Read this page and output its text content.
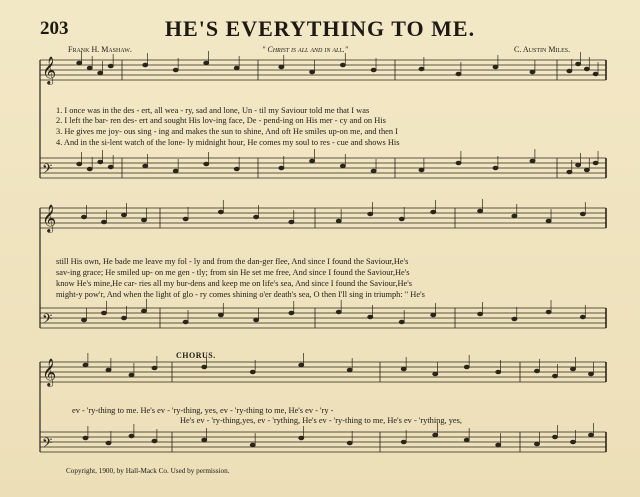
𝄞
𝄢
𝄞
𝄢
𝄞
𝄢
203	HE'S EVERYTHING TO ME.
Frank H. Mashaw.	" Christ is all and in all."	C. Austin Miles.
1. I once was in the des - ert, all wea - ry, sad and lone, Un - til my Saviour told me that I was
2. I left the bar- ren des- ert and sought His lov-ing face, De - pend-ing on His mer - cy and on His
3. He gives me joy- ous sing - ing and makes the sun to shine, And oft He smiles up-on me, and then I
4. And in the si-lent watch of the lone- ly midnight hour, He comes my soul to res - cue and shows His
still His own, He bade me leave my fol - ly and from the dan-ger flee, And since I found the Saviour,He's
sav-ing grace; He smiled up- on me gen - tly; from sin He set me free, And since I found the Saviour,He's
know He's mine,He car- ries all my bur-dens and keep me on life's sea, And since I found the Saviour,He's
might-y pow'r, And when the light of glo - ry comes shining o'er death's sea, O then I'll sing in triumph: " He's
CHORUS.
ev - 'ry-thing to me. He's ev - 'ry-thing, yes, ev - 'ry-thing to me, He's ev - 'ry -
He's ev - 'ry-thing,yes, ev - 'rything, He's ev - 'ry-thing to me, He's ev - 'rything, yes,
Copyright, 1900, by Hall-Mack Co. Used by permission.
